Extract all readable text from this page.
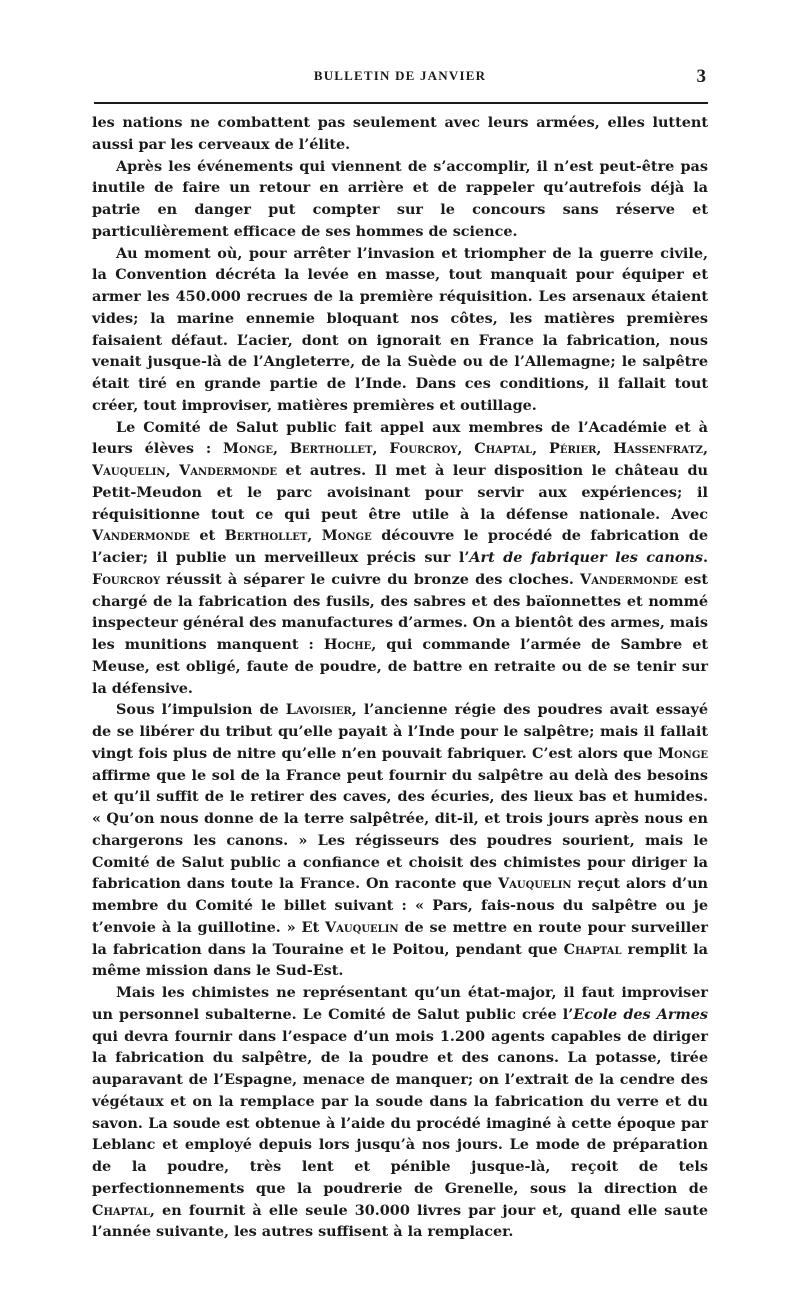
BULLETIN DE JANVIER	3

les nations ne combattent pas seulement avec leurs armées, elles luttent aussi par les cerveaux de l’élite.

Après les événements qui viennent de s’accomplir, il n’est peut-être pas inutile de faire un retour en arrière et de rappeler qu’autrefois déjà la patrie en danger put compter sur le concours sans réserve et particulièrement efficace de ses hommes de science.

Au moment où, pour arrêter l’invasion et triompher de la guerre civile, la Convention décréta la levée en masse, tout manquait pour équiper et armer les 450.000 recrues de la première réquisition. Les arsenaux étaient vides; la marine ennemie bloquant nos côtes, les matières premières faisaient défaut. L’acier, dont on ignorait en France la fabrication, nous venait jusque-là de l’Angleterre, de la Suède ou de l’Allemagne; le salpêtre était tiré en grande partie de l’Inde. Dans ces conditions, il fallait tout créer, tout improviser, matières premières et outillage.

Le Comité de Salut public fait appel aux membres de l’Académie et à leurs élèves : Monge, Berthollet, Fourcroy, Chaptal, Périer, Hassenfratz, Vauquelin, Vandermonde et autres. Il met à leur disposition le château du Petit-Meudon et le parc avoisinant pour servir aux expériences; il réquisitionne tout ce qui peut être utile à la défense nationale. Avec Vandermonde et Berthollet, Monge découvre le procédé de fabrication de l’acier; il publie un merveilleux précis sur l’Art de fabriquer les canons. Fourcroy réussit à séparer le cuivre du bronze des cloches. Vandermonde est chargé de la fabrication des fusils, des sabres et des baïonnettes et nommé inspecteur général des manufactures d’armes. On a bientôt des armes, mais les munitions manquent : Hoche, qui commande l’armée de Sambre et Meuse, est obligé, faute de poudre, de battre en retraite ou de se tenir sur la défensive.

Sous l’impulsion de Lavoisier, l’ancienne régie des poudres avait essayé de se libérer du tribut qu’elle payait à l’Inde pour le salpêtre; mais il fallait vingt fois plus de nitre qu’elle n’en pouvait fabriquer. C’est alors que Monge affirme que le sol de la France peut fournir du salpêtre au delà des besoins et qu’il suffit de le retirer des caves, des écuries, des lieux bas et humides. « Qu’on nous donne de la terre salpêtrée, dit-il, et trois jours après nous en chargerons les canons. » Les régisseurs des poudres sourient, mais le Comité de Salut public a confiance et choisit des chimistes pour diriger la fabrication dans toute la France. On raconte que Vauquelin reçut alors d’un membre du Comité le billet suivant : « Pars, fais-nous du salpêtre ou je t’envoie à la guillotine. » Et Vauquelin de se mettre en route pour surveiller la fabrication dans la Touraine et le Poitou, pendant que Chaptal remplit la même mission dans le Sud-Est.

Mais les chimistes ne représentant qu’un état-major, il faut improviser un personnel subalterne. Le Comité de Salut public crée l’Ecole des Armes qui devra fournir dans l’espace d’un mois 1.200 agents capables de diriger la fabrication du salpêtre, de la poudre et des canons. La potasse, tirée auparavant de l’Espagne, menace de manquer; on l’extrait de la cendre des végétaux et on la remplace par la soude dans la fabrication du verre et du savon. La soude est obtenue à l’aide du procédé imaginé à cette époque par Leblanc et employé depuis lors jusqu’à nos jours. Le mode de préparation de la poudre, très lent et pénible jusque-là, reçoit de tels perfectionnements que la poudrerie de Grenelle, sous la direction de Chaptal, en fournit à elle seule 30.000 livres par jour et, quand elle saute l’année suivante, les autres suffisent à la remplacer.
